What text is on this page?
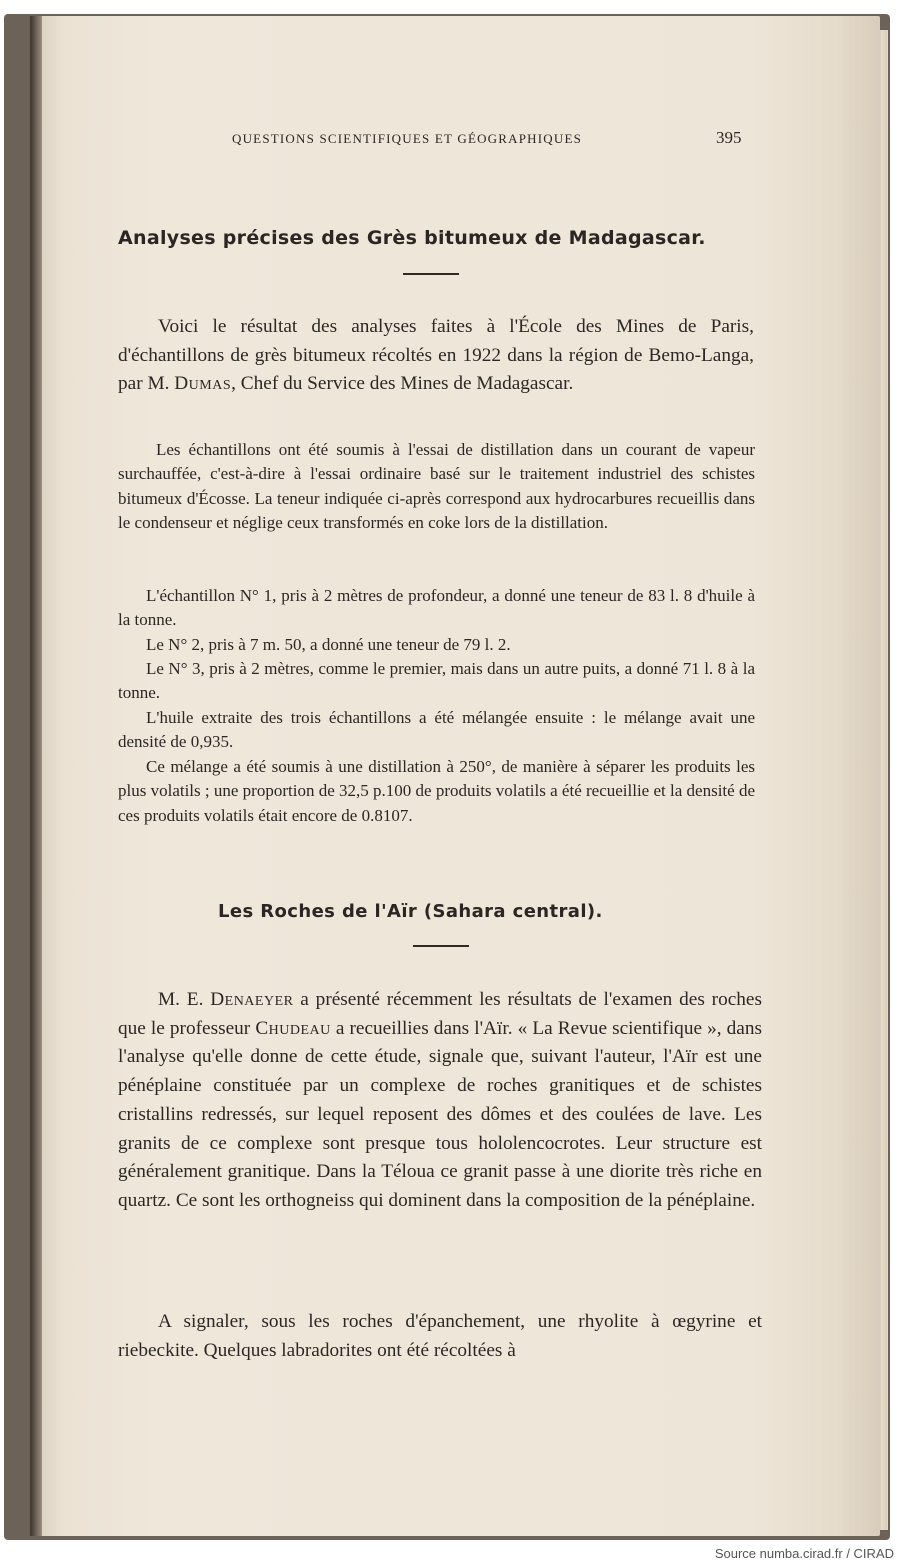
QUESTIONS SCIENTIFIQUES ET GÉOGRAPHIQUES	395
Analyses précises des Grès bitumeux de Madagascar.

Voici le résultat des analyses faites à l'École des Mines de Paris, d'échantillons de grès bitumeux récoltés en 1922 dans la région de Bemo-Langa, par M. Dumas, Chef du Service des Mines de Madagascar.

Les échantillons ont été soumis à l'essai de distillation dans un courant de vapeur surchauffée, c'est-à-dire à l'essai ordinaire basé sur le traitement industriel des schistes bitumeux d'Écosse. La teneur indiquée ci-après correspond aux hydrocarbures recueillis dans le condenseur et néglige ceux transformés en coke lors de la distillation.

L'échantillon N° 1, pris à 2 mètres de profondeur, a donné une teneur de 83 l. 8 d'huile à la tonne.

Le N° 2, pris à 7 m. 50, a donné une teneur de 79 l. 2.

Le N° 3, pris à 2 mètres, comme le premier, mais dans un autre puits, a donné 71 l. 8 à la tonne.

L'huile extraite des trois échantillons a été mélangée ensuite : le mélange avait une densité de 0,935.

Ce mélange a été soumis à une distillation à 250°, de manière à séparer les produits les plus volatils ; une proportion de 32,5 p.100 de produits volatils a été recueillie et la densité de ces produits volatils était encore de 0.8107.

Les Roches de l'Aïr (Sahara central).

M. E. Denaeyer a présenté récemment les résultats de l'examen des roches que le professeur Chudeau a recueillies dans l'Aïr. « La Revue scientifique », dans l'analyse qu'elle donne de cette étude, signale que, suivant l'auteur, l'Aïr est une pénéplaine constituée par un complexe de roches granitiques et de schistes cristallins redressés, sur lequel reposent des dômes et des coulées de lave. Les granits de ce complexe sont presque tous hololencocrotes. Leur structure est généralement granitique. Dans la Téloua ce granit passe à une diorite très riche en quartz. Ce sont les orthogneiss qui dominent dans la composition de la pénéplaine.

A signaler, sous les roches d'épanchement, une rhyolite à œgyrine et riebeckite. Quelques labradorites ont été récoltées à

Source numba.cirad.fr / CIRAD
